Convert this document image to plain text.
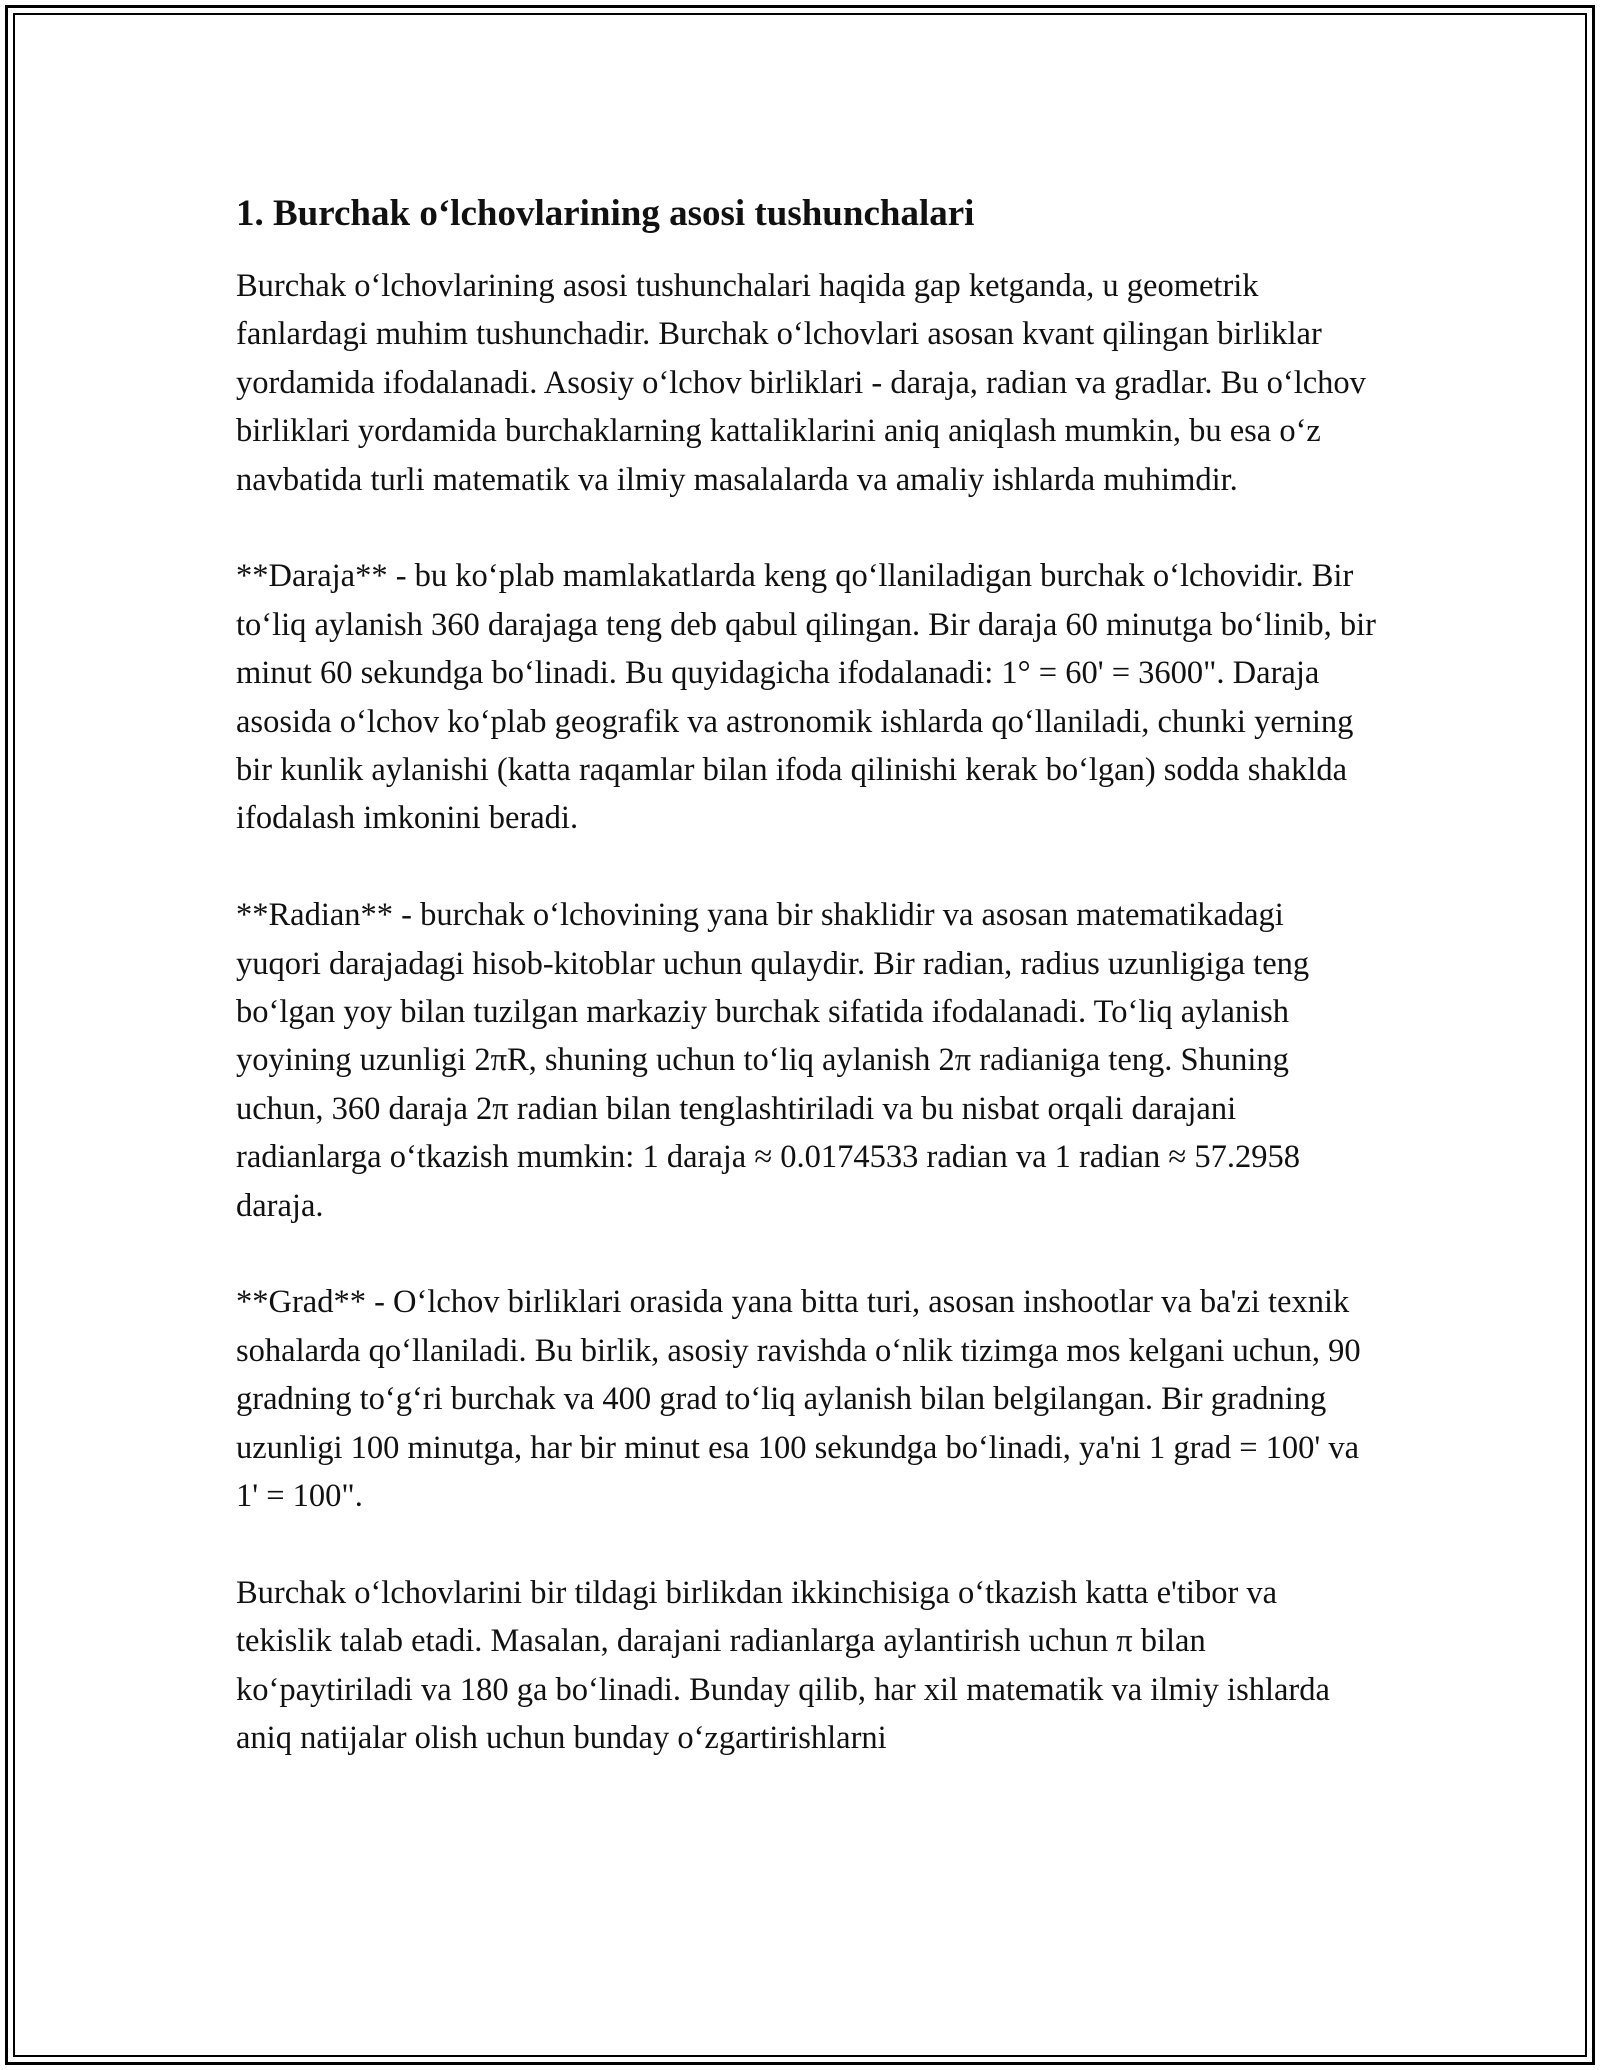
1. Burchak oʻlchovlarining asosi tushunchalari

Burchak oʻlchovlarining asosi tushunchalari haqida gap ketganda, u geometrik fanlardagi muhim tushunchadir. Burchak oʻlchovlari asosan kvant qilingan birliklar yordamida ifodalanadi. Asosiy oʻlchov birliklari - daraja, radian va gradlar. Bu oʻlchov birliklari yordamida burchaklarning kattaliklarini aniq aniqlash mumkin, bu esa oʻz navbatida turli matematik va ilmiy masalalarda va amaliy ishlarda muhimdir.

**Daraja** - bu koʻplab mamlakatlarda keng qoʻllaniladigan burchak oʻlchovidir. Bir toʻliq aylanish 360 darajaga teng deb qabul qilingan. Bir daraja 60 minutga boʻlinib, bir minut 60 sekundga boʻlinadi. Bu quyidagicha ifodalanadi: 1° = 60' = 3600". Daraja asosida oʻlchov koʻplab geografik va astronomik ishlarda qoʻllaniladi, chunki yerning bir kunlik aylanishi (katta raqamlar bilan ifoda qilinishi kerak boʻlgan) sodda shakldа ifodalash imkonini beradi.

**Radian** - burchak oʻlchovining yana bir shaklidir va asosan matematikadagi yuqori darajadagi hisob-kitoblar uchun qulaydir. Bir radian, radius uzunligiga teng boʻlgan yoy bilan tuzilgan markaziy burchak sifatida ifodalanadi. Toʻliq aylanish yoyining uzunligi 2πR, shuning uchun toʻliq aylanish 2π radianiga teng. Shuning uchun, 360 daraja 2π radian bilan tenglashtiriladi va bu nisbat orqali darajani radianlarga oʻtkazish mumkin: 1 daraja ≈ 0.0174533 radian va 1 radian ≈ 57.2958 daraja.

**Grad** - Oʻlchov birliklari orasida yana bitta turi, asosan inshootlar va ba'zi texnik sohalarda qoʻllaniladi. Bu birlik, asosiy ravishda oʻnlik tizimga mos kelgani uchun, 90 gradning toʻgʻri burchak va 400 grad toʻliq aylanish bilan belgilangan. Bir gradning uzunligi 100 minutga, har bir minut esa 100 sekundga boʻlinadi, ya'ni 1 grad = 100' va 1' = 100".

Burchak oʻlchovlarini bir tildagi birlikdan ikkinchisiga oʻtkazish katta e'tibor va tekislik talab etadi. Masalan, darajani radianlarga aylantirish uchun π bilan koʻpaytiriladi va 180 ga boʻlinadi. Bunday qilib, har xil matematik va ilmiy ishlarda aniq natijalar olish uchun bunday oʻzgartirishlarni
